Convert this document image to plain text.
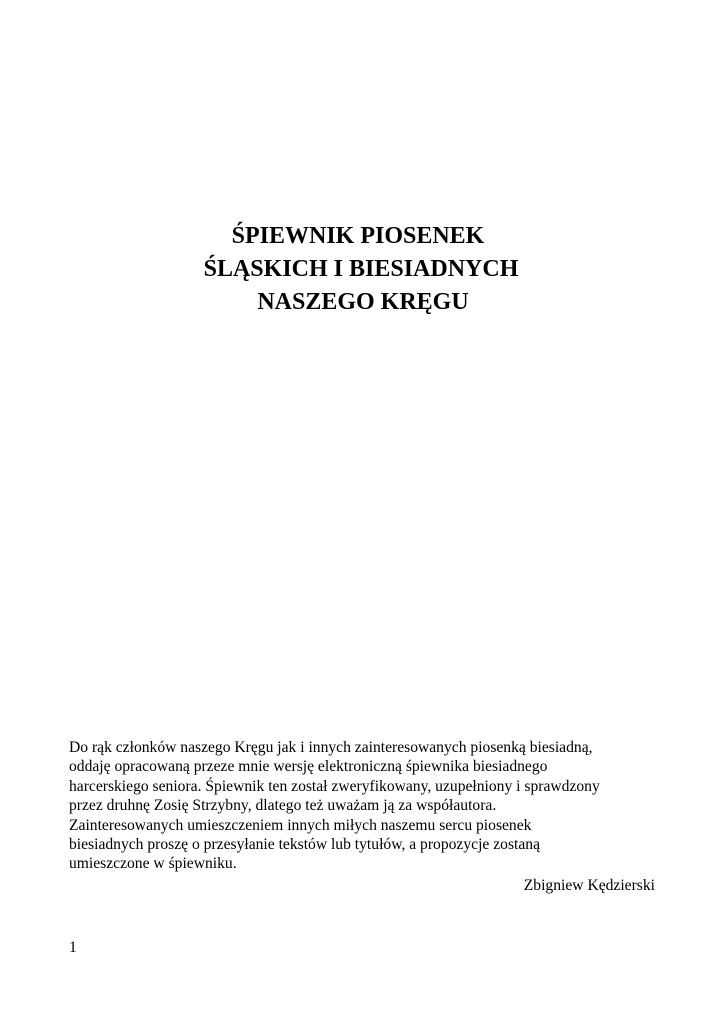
ŚPIEWNIK PIOSENEK
ŚLĄSKICH I BIESIADNYCH
NASZEGO KRĘGU
Do rąk członków naszego Kręgu jak i innych zainteresowanych piosenką biesiadną,
oddaję opracowaną przeze mnie wersję elektroniczną śpiewnika biesiadnego
harcerskiego seniora. Śpiewnik ten został zweryfikowany, uzupełniony i sprawdzony
przez druhnę Zosię Strzybny, dlatego też uważam ją za współautora.
Zainteresowanych umieszczeniem innych miłych naszemu sercu piosenek
biesiadnych proszę o przesyłanie tekstów lub tytułów, a propozycje zostaną
umieszczone w śpiewniku.
Zbigniew Kędzierski
1
